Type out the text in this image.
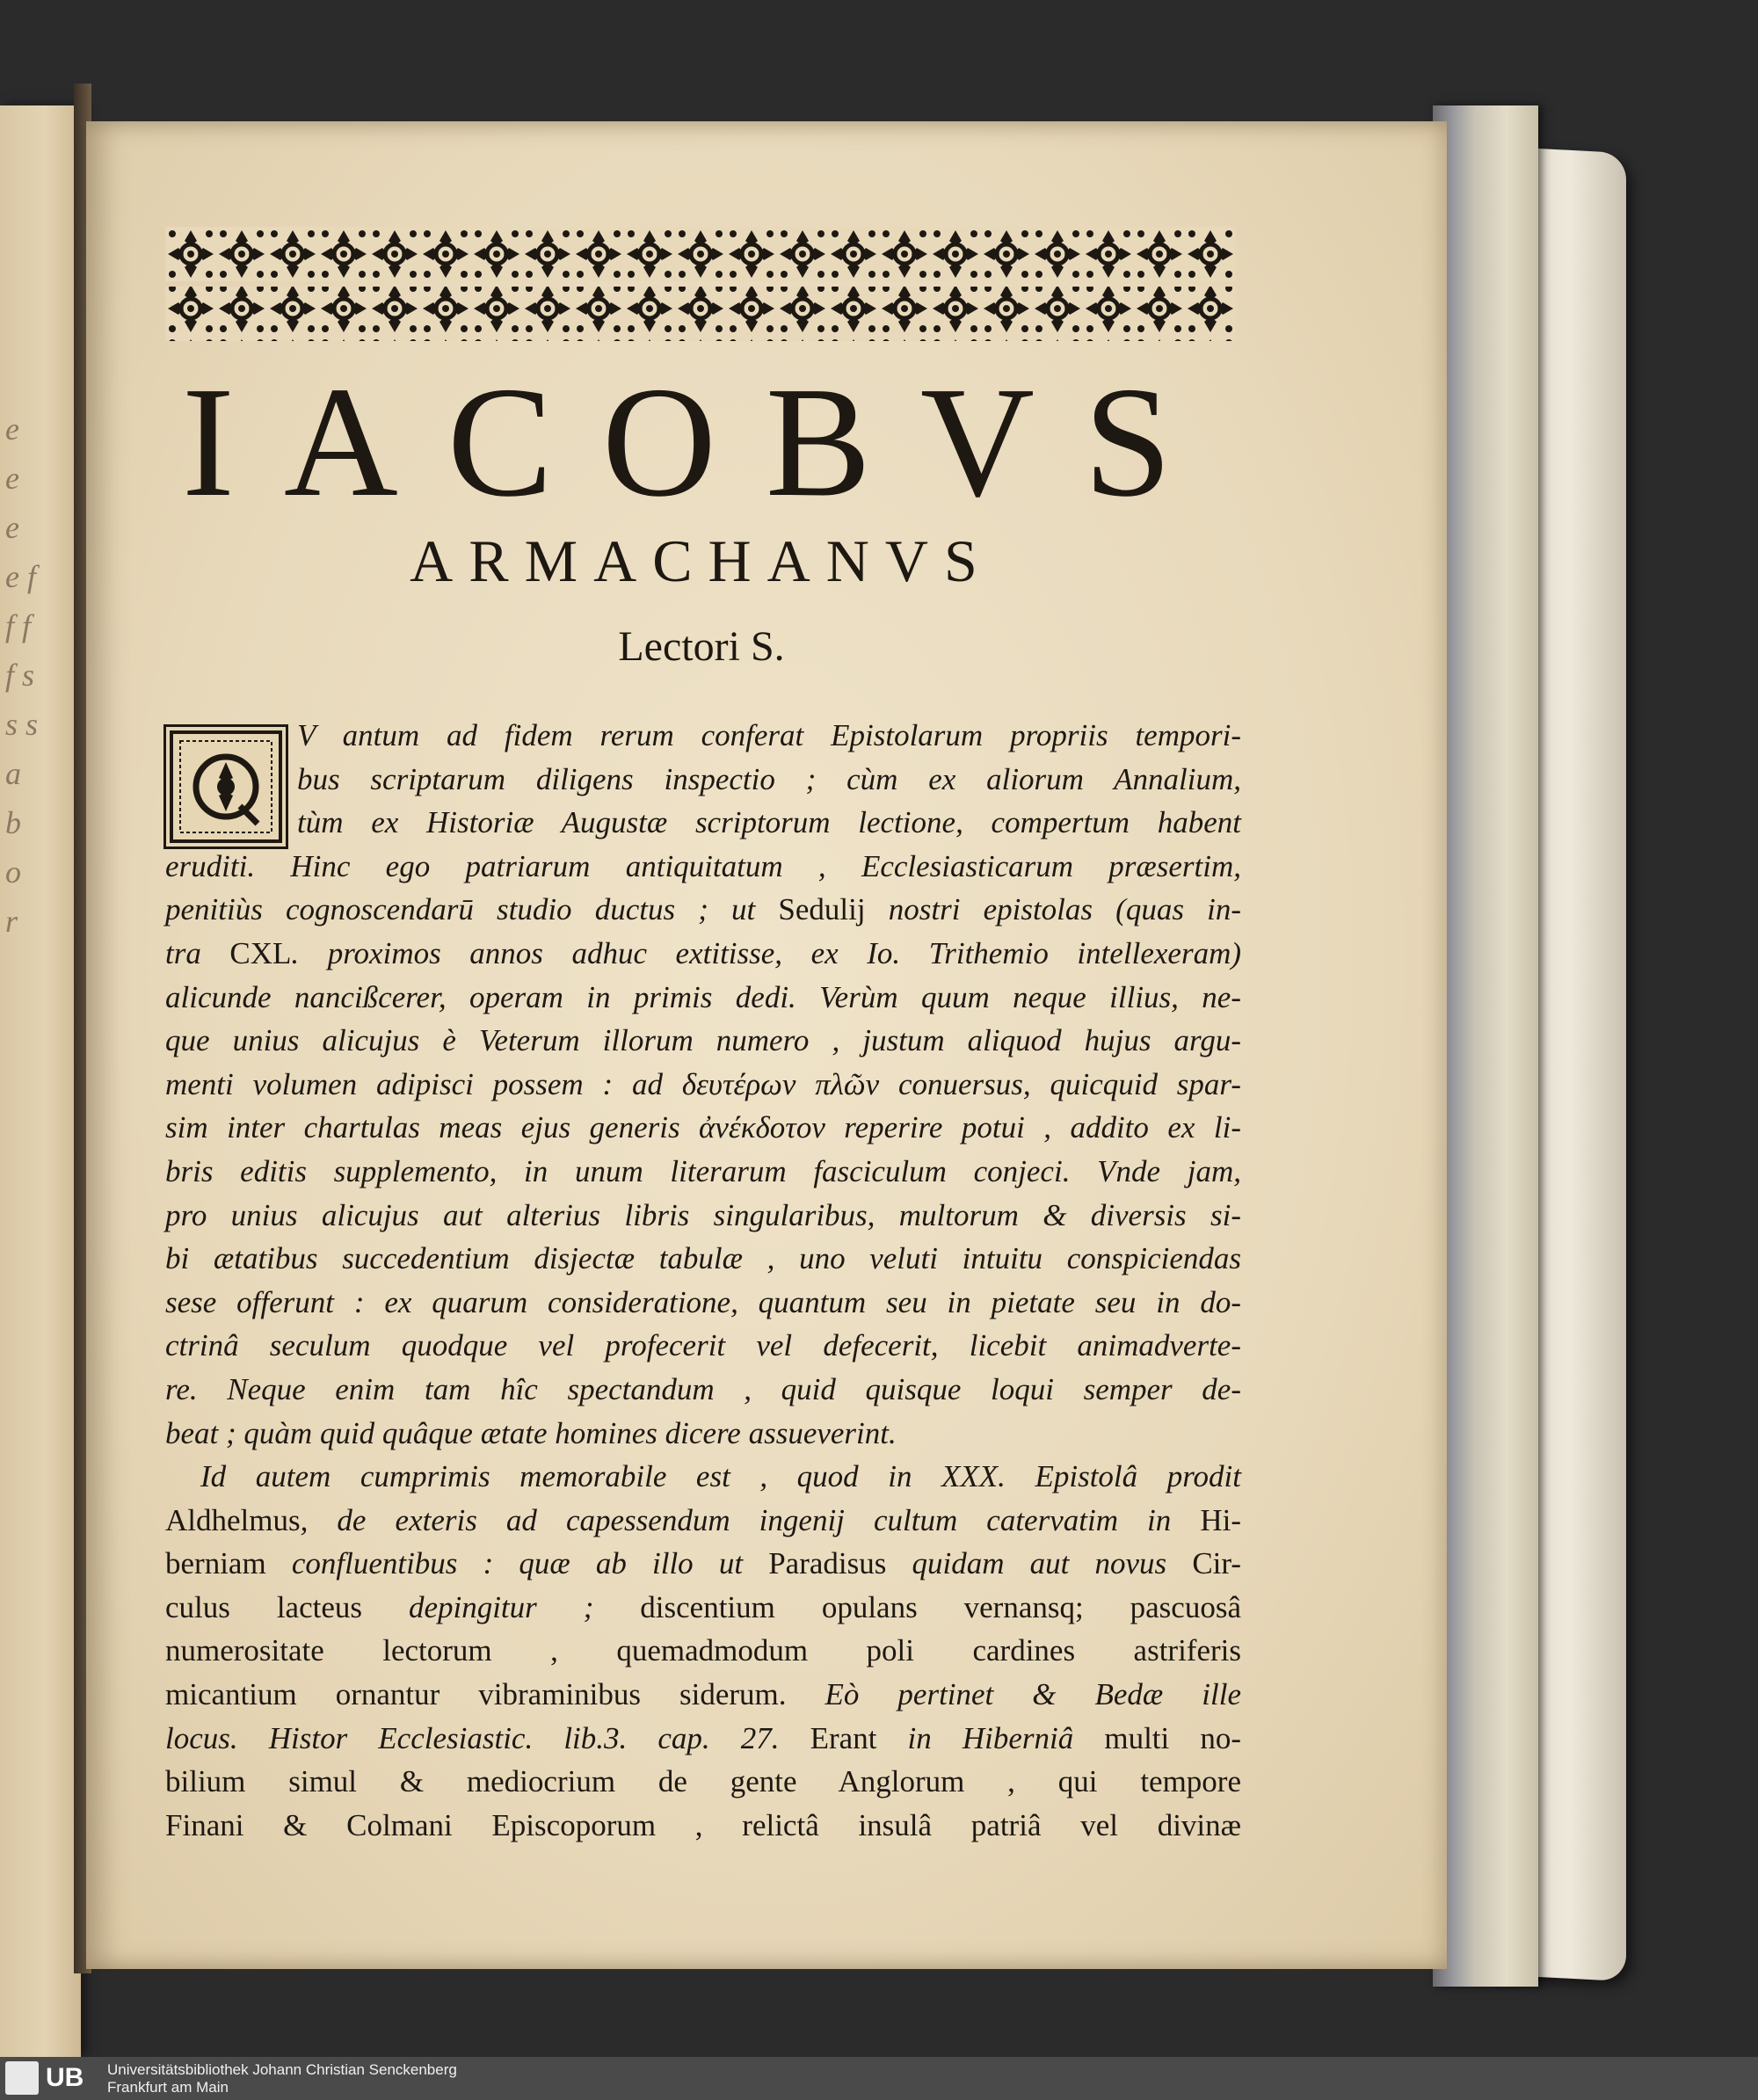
e e e e f f f f s s s a b o r
IACOBVS
ARMACHANVS

Lectori S.

V antum ad fidem rerum conferat Epistolarum propriis tempori-

bus scriptarum diligens inspectio ; cùm ex aliorum Annalium,

tùm ex Historiæ Augustæ scriptorum lectione, compertum habent

eruditi. Hinc ego patriarum antiquitatum , Ecclesiasticarum præsertim,

penitiùs cognoscendarū studio ductus ; ut Sedulij nostri epistolas (quas in-

tra CXL. proximos annos adhuc extitisse, ex Io. Trithemio intellexeram)

alicunde nancißcerer, operam in primis dedi. Verùm quum neque illius, ne-

que unius alicujus è Veterum illorum numero , justum aliquod hujus argu-

menti volumen adipisci possem : ad δευτέρων πλῶν conuersus, quicquid spar-

sim inter chartulas meas ejus generis ἀνέκδοτον reperire potui , addito ex li-

bris editis supplemento, in unum literarum fasciculum conjeci. Vnde jam,

pro unius alicujus aut alterius libris singularibus, multorum & diversis si-

bi ætatibus succedentium disjectæ tabulæ , uno veluti intuitu conspiciendas

sese offerunt : ex quarum consideratione, quantum seu in pietate seu in do-

ctrinâ seculum quodque vel profecerit vel defecerit, licebit animadverte-

re. Neque enim tam hîc spectandum , quid quisque loqui semper de-

beat ; quàm quid quâque ætate homines dicere assueverint.

Id autem cumprimis memorabile est , quod in XXX. Epistolâ prodit

Aldhelmus, de exteris ad capessendum ingenij cultum catervatim in Hi-

berniam confluentibus : quæ ab illo ut Paradisus quidam aut novus Cir-

culus lacteus depingitur ; discentium opulans vernansq; pascuosâ

numerositate lectorum , quemadmodum poli cardines astriferis

micantium ornantur vibraminibus siderum. Eò pertinet & Bedæ ille

locus. Histor Ecclesiastic. lib.3. cap. 27. Erant in Hiberniâ multi no-

bilium simul & mediocrium de gente Anglorum , qui tempore

Finani & Colmani Episcoporum , relictâ insulâ patriâ vel divinæ

UB Universitätsbibliothek Johann Christian Senckenberg
Frankfurt am Main
